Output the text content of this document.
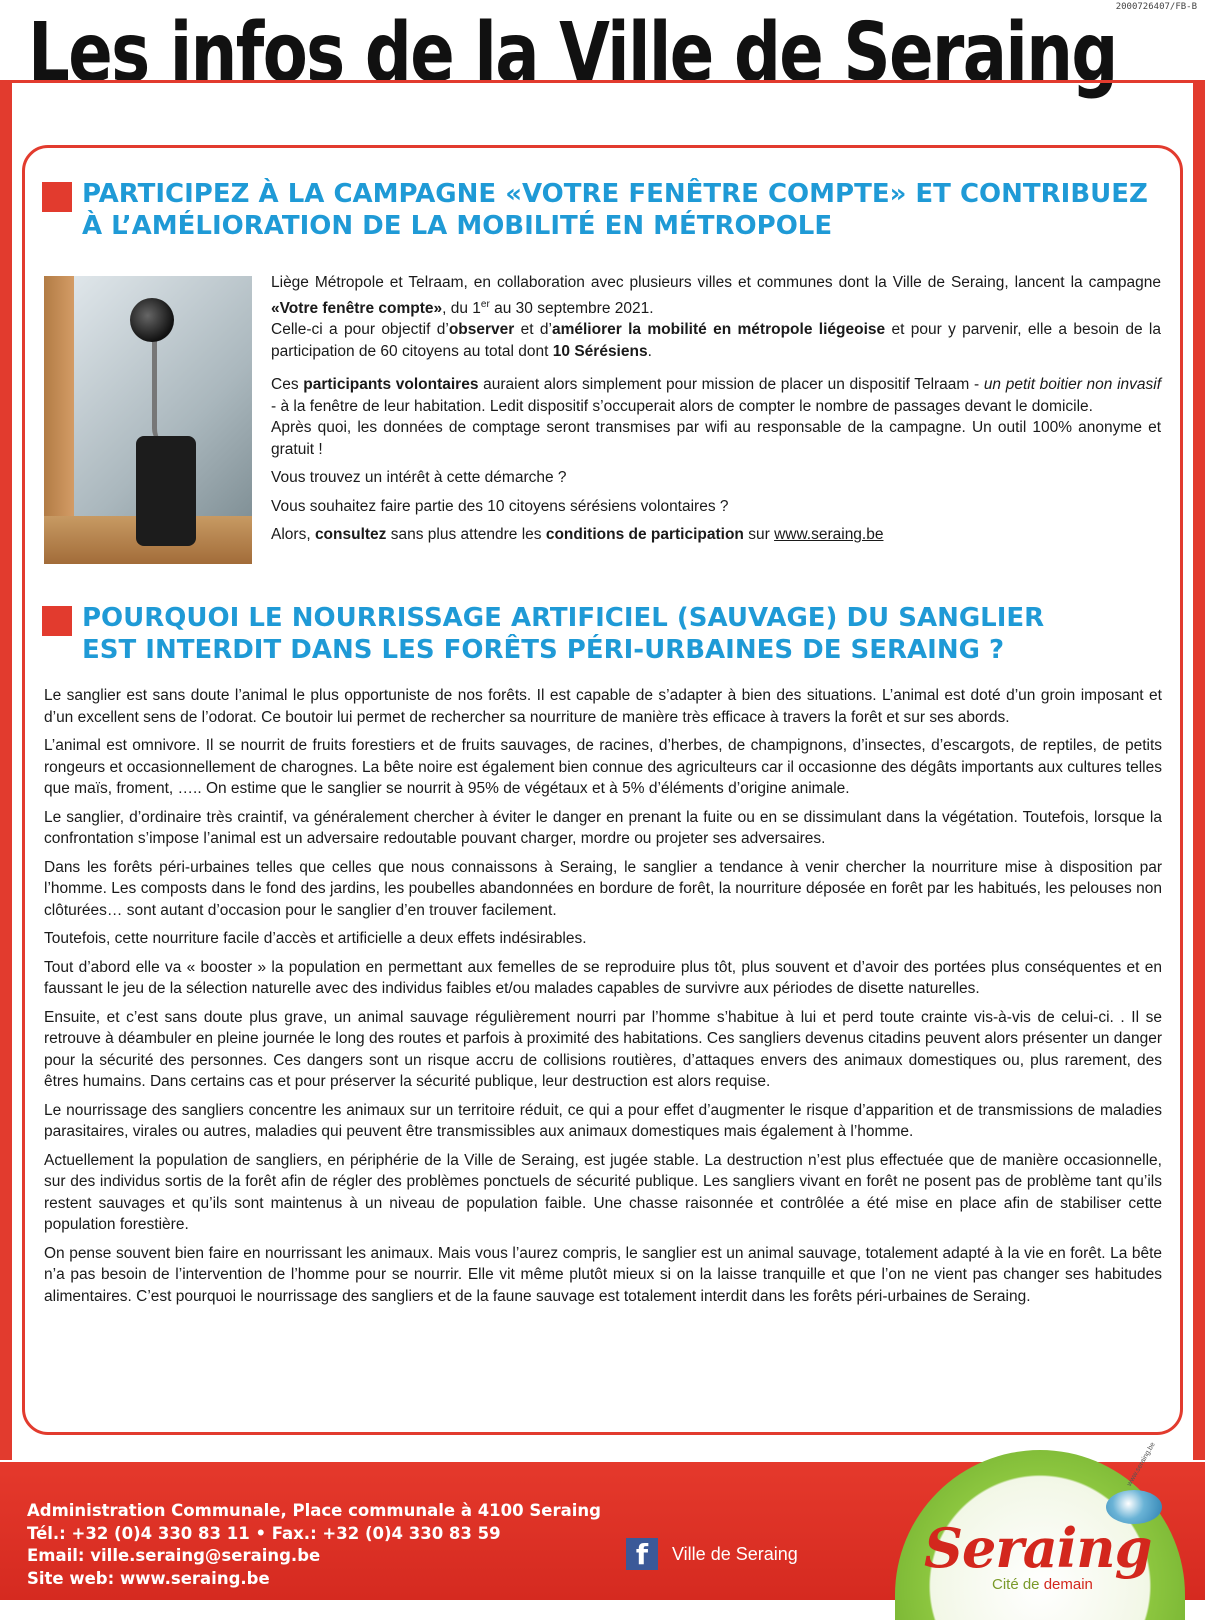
2000726407/FB-B
Les infos de la Ville de Seraing
PARTICIPEZ À LA CAMPAGNE «VOTRE FENÊTRE COMPTE» ET CONTRIBUEZ
À L’AMÉLIORATION DE LA MOBILITÉ EN MÉTROPOLE

Liège Métropole et Telraam, en collaboration avec plusieurs villes et communes dont la Ville de Seraing, lancent la campagne «Votre fenêtre compte», du 1er au 30 septembre 2021.
Celle-ci a pour objectif d’observer et d’améliorer la mobilité en métropole liégeoise et pour y parvenir, elle a besoin de la participation de 60 citoyens au total dont 10 Sérésiens.

Ces participants volontaires auraient alors simplement pour mission de placer un dispositif Telraam - un petit boitier non invasif - à la fenêtre de leur habitation. Ledit dispositif s’occuperait alors de compter le nombre de passages devant le domicile.
Après quoi, les données de comptage seront transmises par wifi au responsable de la campagne. Un outil 100% anonyme et gratuit !

Vous trouvez un intérêt à cette démarche ?

Vous souhaitez faire partie des 10 citoyens sérésiens volontaires ?

Alors, consultez sans plus attendre les conditions de participation sur www.seraing.be

POURQUOI LE NOURRISSAGE ARTIFICIEL (SAUVAGE) DU SANGLIER
EST INTERDIT DANS LES FORÊTS PÉRI-URBAINES DE SERAING ?

Le sanglier est sans doute l’animal le plus opportuniste de nos forêts. Il est capable de s’adapter à bien des situations. L’animal est doté d’un groin imposant et d’un excellent sens de l’odorat. Ce boutoir lui permet de rechercher sa nourriture de manière très efficace à travers la forêt et sur ses abords.

L’animal est omnivore. Il se nourrit de fruits forestiers et de fruits sauvages, de racines, d’herbes, de champignons, d’insectes, d’escargots, de reptiles, de petits rongeurs et occasionnellement de charognes. La bête noire est également bien connue des agriculteurs car il occasionne des dégâts importants aux cultures telles que maïs, froment, ….. On estime que le sanglier se nourrit à 95% de végétaux et à 5% d’éléments d’origine animale.

Le sanglier, d’ordinaire très craintif, va généralement chercher à éviter le danger en prenant la fuite ou en se dissimulant dans la végétation. Toutefois, lorsque la confrontation s’impose l’animal est un adversaire redoutable pouvant charger, mordre ou projeter ses adversaires.

Dans les forêts péri-urbaines telles que celles que nous connaissons à Seraing, le sanglier a tendance à venir chercher la nourriture mise à disposition par l’homme. Les composts dans le fond des jardins, les poubelles abandonnées en bordure de forêt, la nourriture déposée en forêt par les habitués, les pelouses non clôturées… sont autant d’occasion pour le sanglier d’en trouver facilement.

Toutefois, cette nourriture facile d’accès et artificielle a deux effets indésirables.

Tout d’abord elle va « booster » la population en permettant aux femelles de se reproduire plus tôt, plus souvent et d’avoir des portées plus conséquentes et en faussant le jeu de la sélection naturelle avec des individus faibles et/ou malades capables de survivre aux périodes de disette naturelles.

Ensuite, et c’est sans doute plus grave, un animal sauvage régulièrement nourri par l’homme s’habitue à lui et perd toute crainte vis-à-vis de celui-ci. . Il se retrouve à déambuler en pleine journée le long des routes et parfois à proximité des habitations. Ces sangliers devenus citadins peuvent alors présenter un danger pour la sécurité des personnes. Ces dangers sont un risque accru de collisions routières, d’attaques envers des animaux domestiques ou, plus rarement, des êtres humains. Dans certains cas et pour préserver la sécurité publique, leur destruction est alors requise.

Le nourrissage des sangliers concentre les animaux sur un territoire réduit, ce qui a pour effet d’augmenter le risque d’apparition et de transmissions de maladies parasitaires, virales ou autres, maladies qui peuvent être transmissibles aux animaux domestiques mais également à l’homme.

Actuellement la population de sangliers, en périphérie de la Ville de Seraing, est jugée stable. La destruction n’est plus effectuée que de manière occasionnelle, sur des individus sortis de la forêt afin de régler des problèmes ponctuels de sécurité publique. Les sangliers vivant en forêt ne posent pas de problème tant qu’ils restent sauvages et qu’ils sont maintenus à un niveau de population faible. Une chasse raisonnée et contrôlée a été mise en place afin de stabiliser cette population forestière.

On pense souvent bien faire en nourrissant les animaux. Mais vous l’aurez compris, le sanglier est un animal sauvage, totalement adapté à la vie en forêt. La bête n’a pas besoin de l’intervention de l’homme pour se nourrir. Elle vit même plutôt mieux si on la laisse tranquille et que l’on ne vient pas changer ses habitudes alimentaires. C’est pourquoi le nourrissage des sangliers et de la faune sauvage est totalement interdit dans les forêts péri-urbaines de Seraing.

Administration Communale, Place communale à 4100 Seraing
Tél.: +32 (0)4 330 83 11 • Fax.: +32 (0)4 330 83 59
Email: ville.seraing@seraing.be
Site web: www.seraing.be
f	Ville de Seraing
www.seraing.be
Seraing
Cité de demain
